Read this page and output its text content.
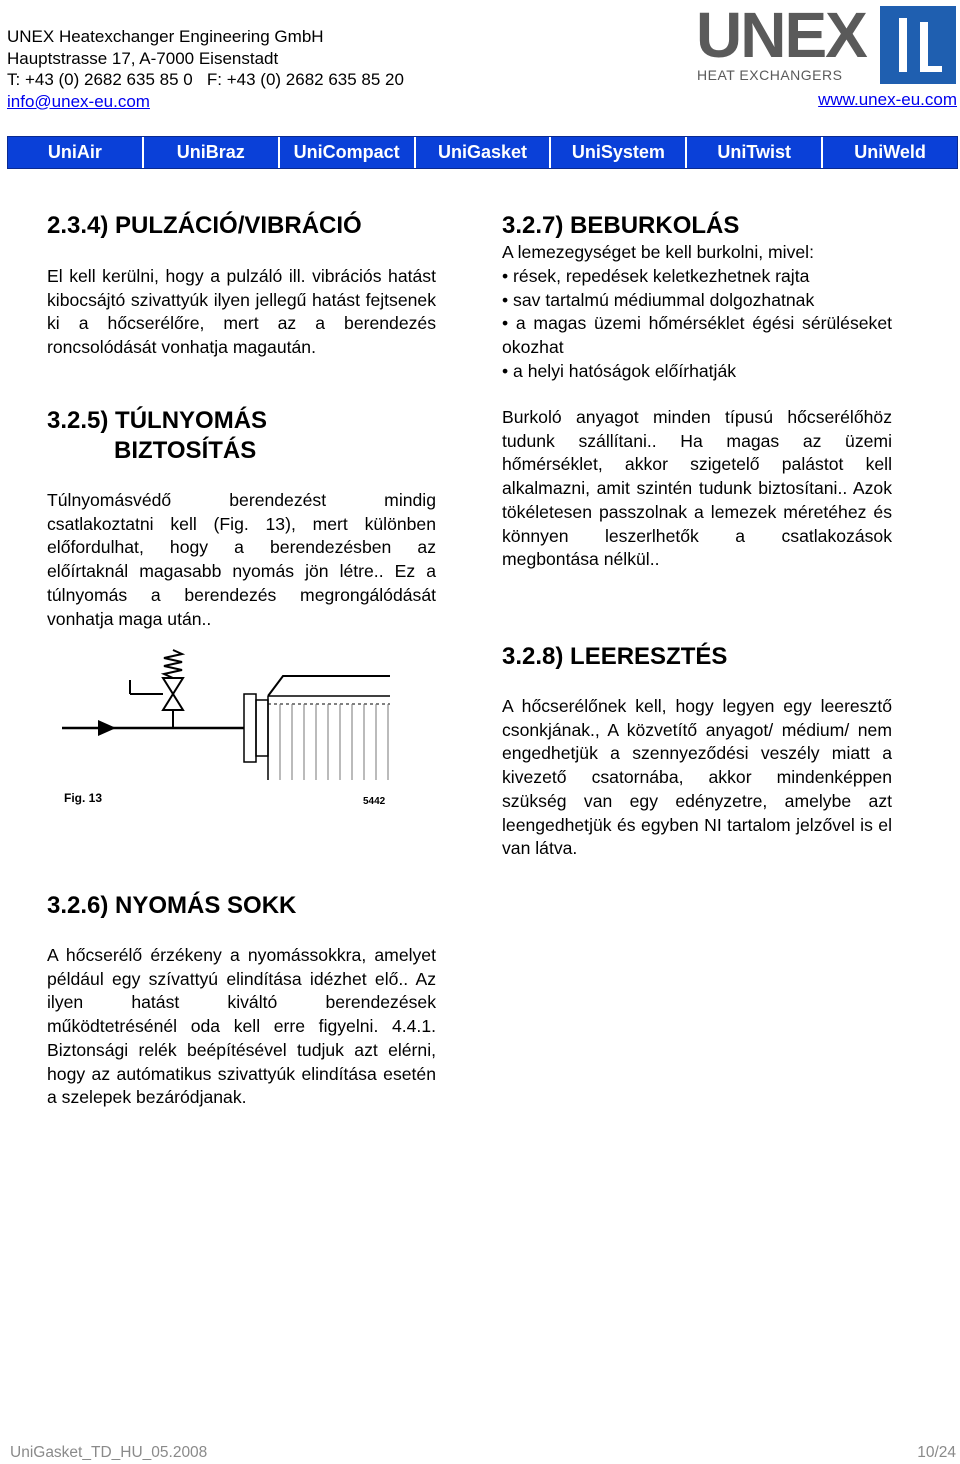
UNEX Heatexchanger Engineering GmbH
Hauptstrasse 17, A-7000 Eisenstadt
T: +43 (0) 2682 635 85 0   F: +43 (0) 2682 635 85 20
info@unex-eu.com
UNEX
HEAT EXCHANGERS
www.unex-eu.com
UniAir	UniBraz	UniCompact	UniGasket	UniSystem	UniTwist	UniWeld
2.3.4) PULZÁCIÓ/VIBRÁCIÓ

El kell kerülni, hogy a pulzáló ill. vibrációs hatást kibocsájtó szivattyúk ilyen jellegű hatást fejtsenek ki a hőcserélőre, mert az a berendezés roncsolódását vonhatja magaután.

3.2.5) TÚLNYOMÁS
BIZTOSÍTÁS

Túlnyomásvédő berendezést mindig csatlakoztatni kell (Fig. 13), mert különben előfordulhat, hogy a berendezésben az előírtaknál magasabb nyomás jön létre.. Ez a túlnyomás a berendezés megrongálódását vonhatja maga után..

Fig. 13	5442
3.2.6) NYOMÁS SOKK

A hőcserélő érzékeny a nyomássokkra, amelyet például egy szívattyú elindítása idézhet elő.. Az ilyen hatást kiváltó berendezések működtetrésénél oda kell erre figyelni. 4.4.1. Biztonsági relék beépítésével tudjuk azt elérni, hogy az autómatikus szivattyúk elindítása esetén a szelepek bezáródjanak.

3.2.7) BEBURKOLÁS

A lemezegységet be kell burkolni, mivel:

• rések, repedések keletkezhetnek rajta
• sav tartalmú médiummal dolgozhatnak
• a magas üzemi hőmérséklet égési sérüléseket okozhat
• a helyi hatóságok előírhatják

Burkoló anyagot minden típusú hőcserélőhöz tudunk szállítani.. Ha magas az üzemi hőmérséklet, akkor szigetelő palástot kell alkalmazni, amit szintén tudunk biztosítani.. Azok tökéletesen passzolnak a lemezek méretéhez és könnyen leszerlhetők a csatlakozások megbontása nélkül..

3.2.8) LEERESZTÉS

A hőcserélőnek kell, hogy legyen egy leeresztő csonkjának., A közvetítő anyagot/ médium/ nem engedhetjük a szennyeződési veszély miatt a kivezető csatornába, akkor mindenképpen szükség van egy edényzetre, amelybe azt leengedhetjük és egyben NI tartalom jelzővel is el van látva.

UniGasket_TD_HU_05.2008	10/24
